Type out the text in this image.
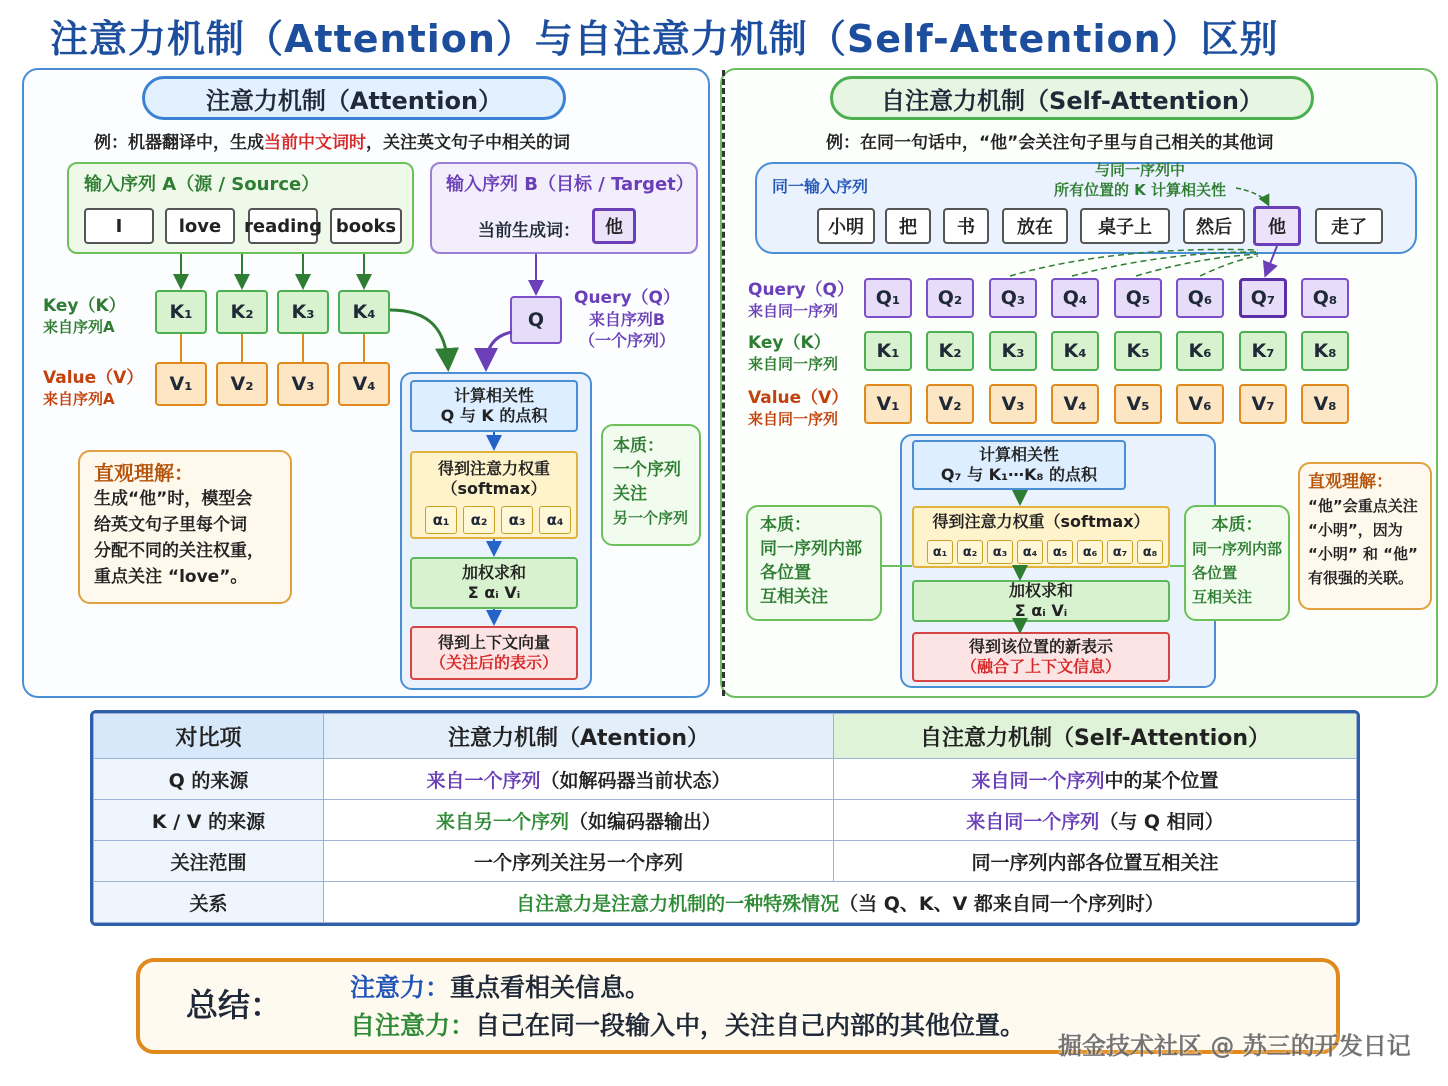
注意力机制（Attention）与自注意力机制（Self-Attention）区别
注意力机制（Attention）
例：机器翻译中，生成当前中文词时，关注英文句子中相关的词
输入序列 A（源 / Source）
I	love	reading books
输入序列 B（目标 / Target）
当前生成词：	他
Key（K）
来自序列A
Value（V）
来自序列A
K₁	K₂	K₃	K₄
V₁	V₂	V₃	V₄
Q
Query（Q）
来自序列B
（一个序列）
计算相关性
Q 与 K 的点积
得到注意力权重
（softmax）
α₁	α₂	α₃	α₄
加权求和
Σ αᵢ Vᵢ
得到上下文向量
（关注后的表示）
本质：
一个序列
关注
另一个序列
直观理解：
生成“他”时，模型会
给英文句子里每个词
分配不同的关注权重，
重点关注 “love”。
自注意力机制（Self-Attention）
例：在同一句话中，“他”会关注句子里与自己相关的其他词
同一输入序列
与同一序列中
所有位置的 K 计算相关性
小明	把	书	放在	桌子上	然后	他	走了
Query（Q）
来自同一序列
Key（K）
来自同一序列
Value（V）
来自同一序列
Q₁	Q₂	Q₃	Q₄	Q₅	Q₆	Q₇	Q₈
K₁	K₂	K₃	K₄	K₅	K₆	K₇	K₈
V₁	V₂	V₃	V₄	V₅	V₆	V₇	V₈
计算相关性
Q₇ 与 K₁⋯K₈ 的点积
得到注意力权重（softmax）
α₁	α₂	α₃	α₄	α₅	α₆	α₇	α₈
加权求和
Σ αᵢ Vᵢ
得到该位置的新表示
（融合了上下文信息）
本质：
同一序列内部
各位置
互相关注
本质：
同一序列内部
各位置
互相关注
直观理解：
“他”会重点关注
“小明”，因为
“小明” 和 “他”
有很强的关联。
对比项	注意力机制（Atention）	自注意力机制（Self-Attention）
Q 的来源	来自一个序列（如解码器当前状态）	来自同一个序列中的某个位置
K / V 的来源	来自另一个序列（如编码器输出）	来自同一个序列（与 Q 相同）
关注范围	一个序列关注另一个序列	同一序列内部各位置互相关注
关系	自注意力是注意力机制的一种特殊情况（当 Q、K、V 都来自同一个序列时）	
总结：	注意力：重点看相关信息。
自注意力：自己在同一段输入中，关注自己内部的其他位置。
掘金技术社区 @ 苏三的开发日记
